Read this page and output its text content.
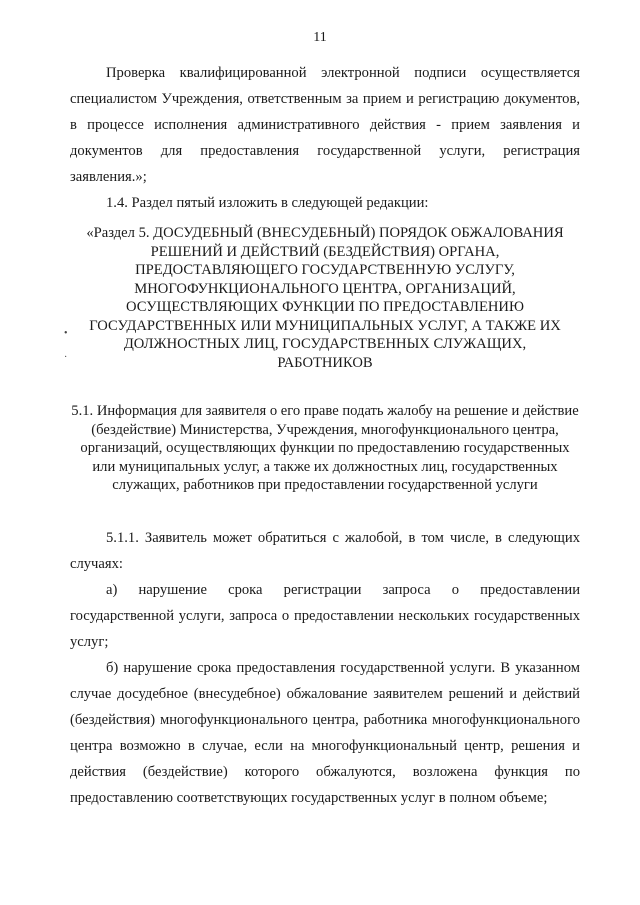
11

Проверка квалифицированной электронной подписи осуществляется специалистом Учреждения, ответственным за прием и регистрацию документов, в процессе исполнения административного действия - прием заявления и документов для предоставления государственной услуги, регистрация заявления.»;

1.4. Раздел пятый изложить в следующей редакции:

«Раздел 5. ДОСУДЕБНЫЙ (ВНЕСУДЕБНЫЙ) ПОРЯДОК ОБЖАЛОВАНИЯ РЕШЕНИЙ И ДЕЙСТВИЙ (БЕЗДЕЙСТВИЯ) ОРГАНА, ПРЕДОСТАВЛЯЮЩЕГО ГОСУДАРСТВЕННУЮ УСЛУГУ, МНОГОФУНКЦИОНАЛЬНОГО ЦЕНТРА, ОРГАНИЗАЦИЙ, ОСУЩЕСТВЛЯЮЩИХ ФУНКЦИИ ПО ПРЕДОСТАВЛЕНИЮ ГОСУДАРСТВЕННЫХ ИЛИ МУНИЦИПАЛЬНЫХ УСЛУГ, А ТАКЖЕ ИХ ДОЛЖНОСТНЫХ ЛИЦ, ГОСУДАРСТВЕННЫХ СЛУЖАЩИХ, РАБОТНИКОВ

5.1. Информация для заявителя о его праве подать жалобу на решение и действие (бездействие) Министерства, Учреждения, многофункционального центра, организаций, осуществляющих функции по предоставлению государственных или муниципальных услуг, а также их должностных лиц, государственных служащих, работников при предоставлении государственной услуги

5.1.1. Заявитель может обратиться с жалобой, в том числе, в следующих случаях:

а) нарушение срока регистрации запроса о предоставлении государственной услуги, запроса о предоставлении нескольких государственных услуг;

б) нарушение срока предоставления государственной услуги. В указанном случае досудебное (внесудебное) обжалование заявителем решений и действий (бездействия) многофункционального центра, работника многофункционального центра возможно в случае, если на многофункциональный центр, решения и действия (бездействие) которого обжалуются, возложена функция по предоставлению соответствующих государственных услуг в полном объеме;

•
·
